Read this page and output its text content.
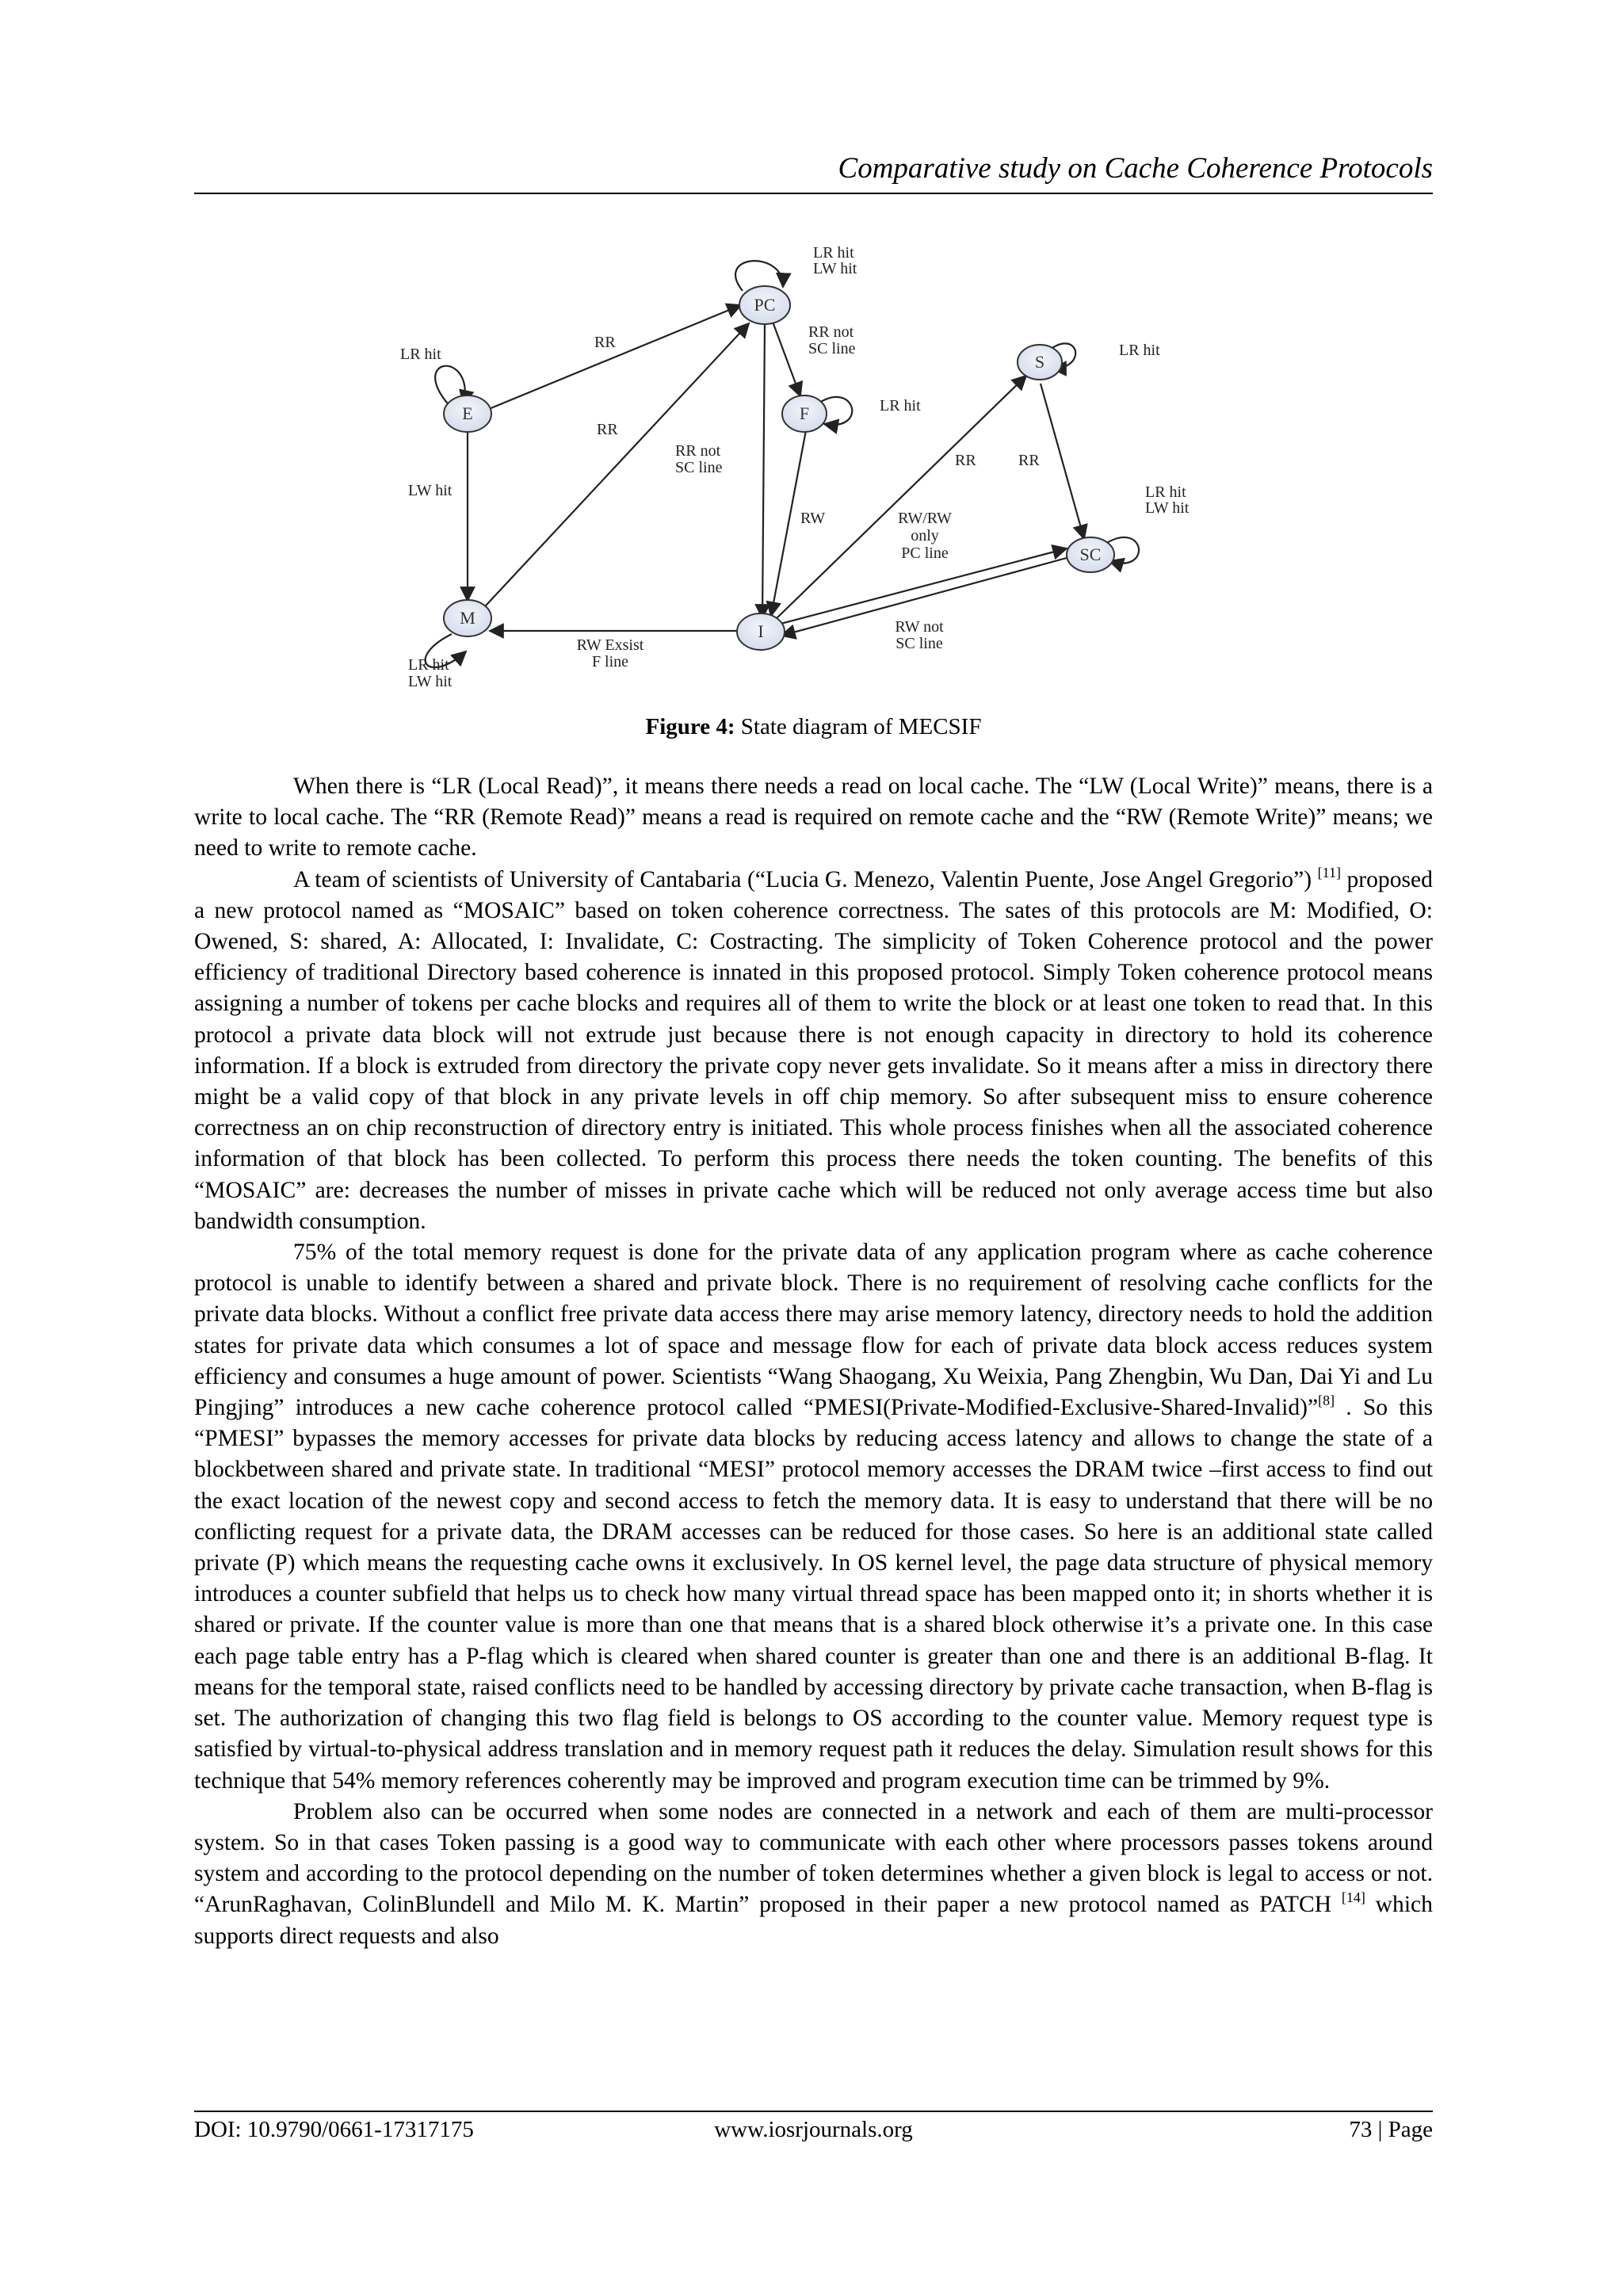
Comparative study on Cache Coherence Protocols
PC
E	F
S
M
I
SC
LR hit
LW hit
LR hit
RR
RR not
SC line
LR hit
LR hit
RR
RR not
SC line
LW hit
RR	RR
LR hit
LW hit
RW	RW/RW
only
PC line
LR hit
LW hit
RW Exsist
F line
RW not
SC line
Figure 4: State diagram of MECSIF

When there is “LR (Local Read)”, it means there needs a read on local cache. The “LW (Local Write)” means, there is a write to local cache. The “RR (Remote Read)” means a read is required on remote cache and the “RW (Remote Write)” means; we need to write to remote cache.

A team of scientists of University of Cantabaria (“Lucia G. Menezo, Valentin Puente, Jose Angel Gregorio”) [11] proposed a new protocol named as “MOSAIC” based on token coherence correctness. The sates of this protocols are M: Modified, O: Owened, S: shared, A: Allocated, I: Invalidate, C: Costracting. The simplicity of Token Coherence protocol and the power efficiency of traditional Directory based coherence is innated in this proposed protocol. Simply Token coherence protocol means assigning a number of tokens per cache blocks and requires all of them to write the block or at least one token to read that. In this protocol a private data block will not extrude just because there is not enough capacity in directory to hold its coherence information. If a block is extruded from directory the private copy never gets invalidate. So it means after a miss in directory there might be a valid copy of that block in any private levels in off chip memory. So after subsequent miss to ensure coherence correctness an on chip reconstruction of directory entry is initiated. This whole process finishes when all the associated coherence information of that block has been collected. To perform this process there needs the token counting. The benefits of this “MOSAIC” are: decreases the number of misses in private cache which will be reduced not only average access time but also bandwidth consumption.

75% of the total memory request is done for the private data of any application program where as cache coherence protocol is unable to identify between a shared and private block. There is no requirement of resolving cache conflicts for the private data blocks. Without a conflict free private data access there may arise memory latency, directory needs to hold the addition states for private data which consumes a lot of space and message flow for each of private data block access reduces system efficiency and consumes a huge amount of power. Scientists “Wang Shaogang, Xu Weixia, Pang Zhengbin, Wu Dan, Dai Yi and Lu Pingjing” introduces a new cache coherence protocol called “PMESI(Private-Modified-Exclusive-Shared-Invalid)”[8] . So this “PMESI” bypasses the memory accesses for private data blocks by reducing access latency and allows to change the state of a blockbetween shared and private state. In traditional “MESI” protocol memory accesses the DRAM twice –first access to find out the exact location of the newest copy and second access to fetch the memory data. It is easy to understand that there will be no conflicting request for a private data, the DRAM accesses can be reduced for those cases. So here is an additional state called private (P) which means the requesting cache owns it exclusively. In OS kernel level, the page data structure of physical memory introduces a counter subfield that helps us to check how many virtual thread space has been mapped onto it; in shorts whether it is shared or private. If the counter value is more than one that means that is a shared block otherwise it’s a private one. In this case each page table entry has a P-flag which is cleared when shared counter is greater than one and there is an additional B-flag. It means for the temporal state, raised conflicts need to be handled by accessing directory by private cache transaction, when B-flag is set. The authorization of changing this two flag field is belongs to OS according to the counter value. Memory request type is satisfied by virtual-to-physical address translation and in memory request path it reduces the delay. Simulation result shows for this technique that 54% memory references coherently may be improved and program execution time can be trimmed by 9%.

Problem also can be occurred when some nodes are connected in a network and each of them are multi-processor system. So in that cases Token passing is a good way to communicate with each other where processors passes tokens around system and according to the protocol depending on the number of token determines whether a given block is legal to access or not. “ArunRaghavan, ColinBlundell and Milo M. K. Martin” proposed in their paper a new protocol named as PATCH [14] which supports direct requests and also

DOI: 10.9790/0661-17317175	www.iosrjournals.org	73 | Page
